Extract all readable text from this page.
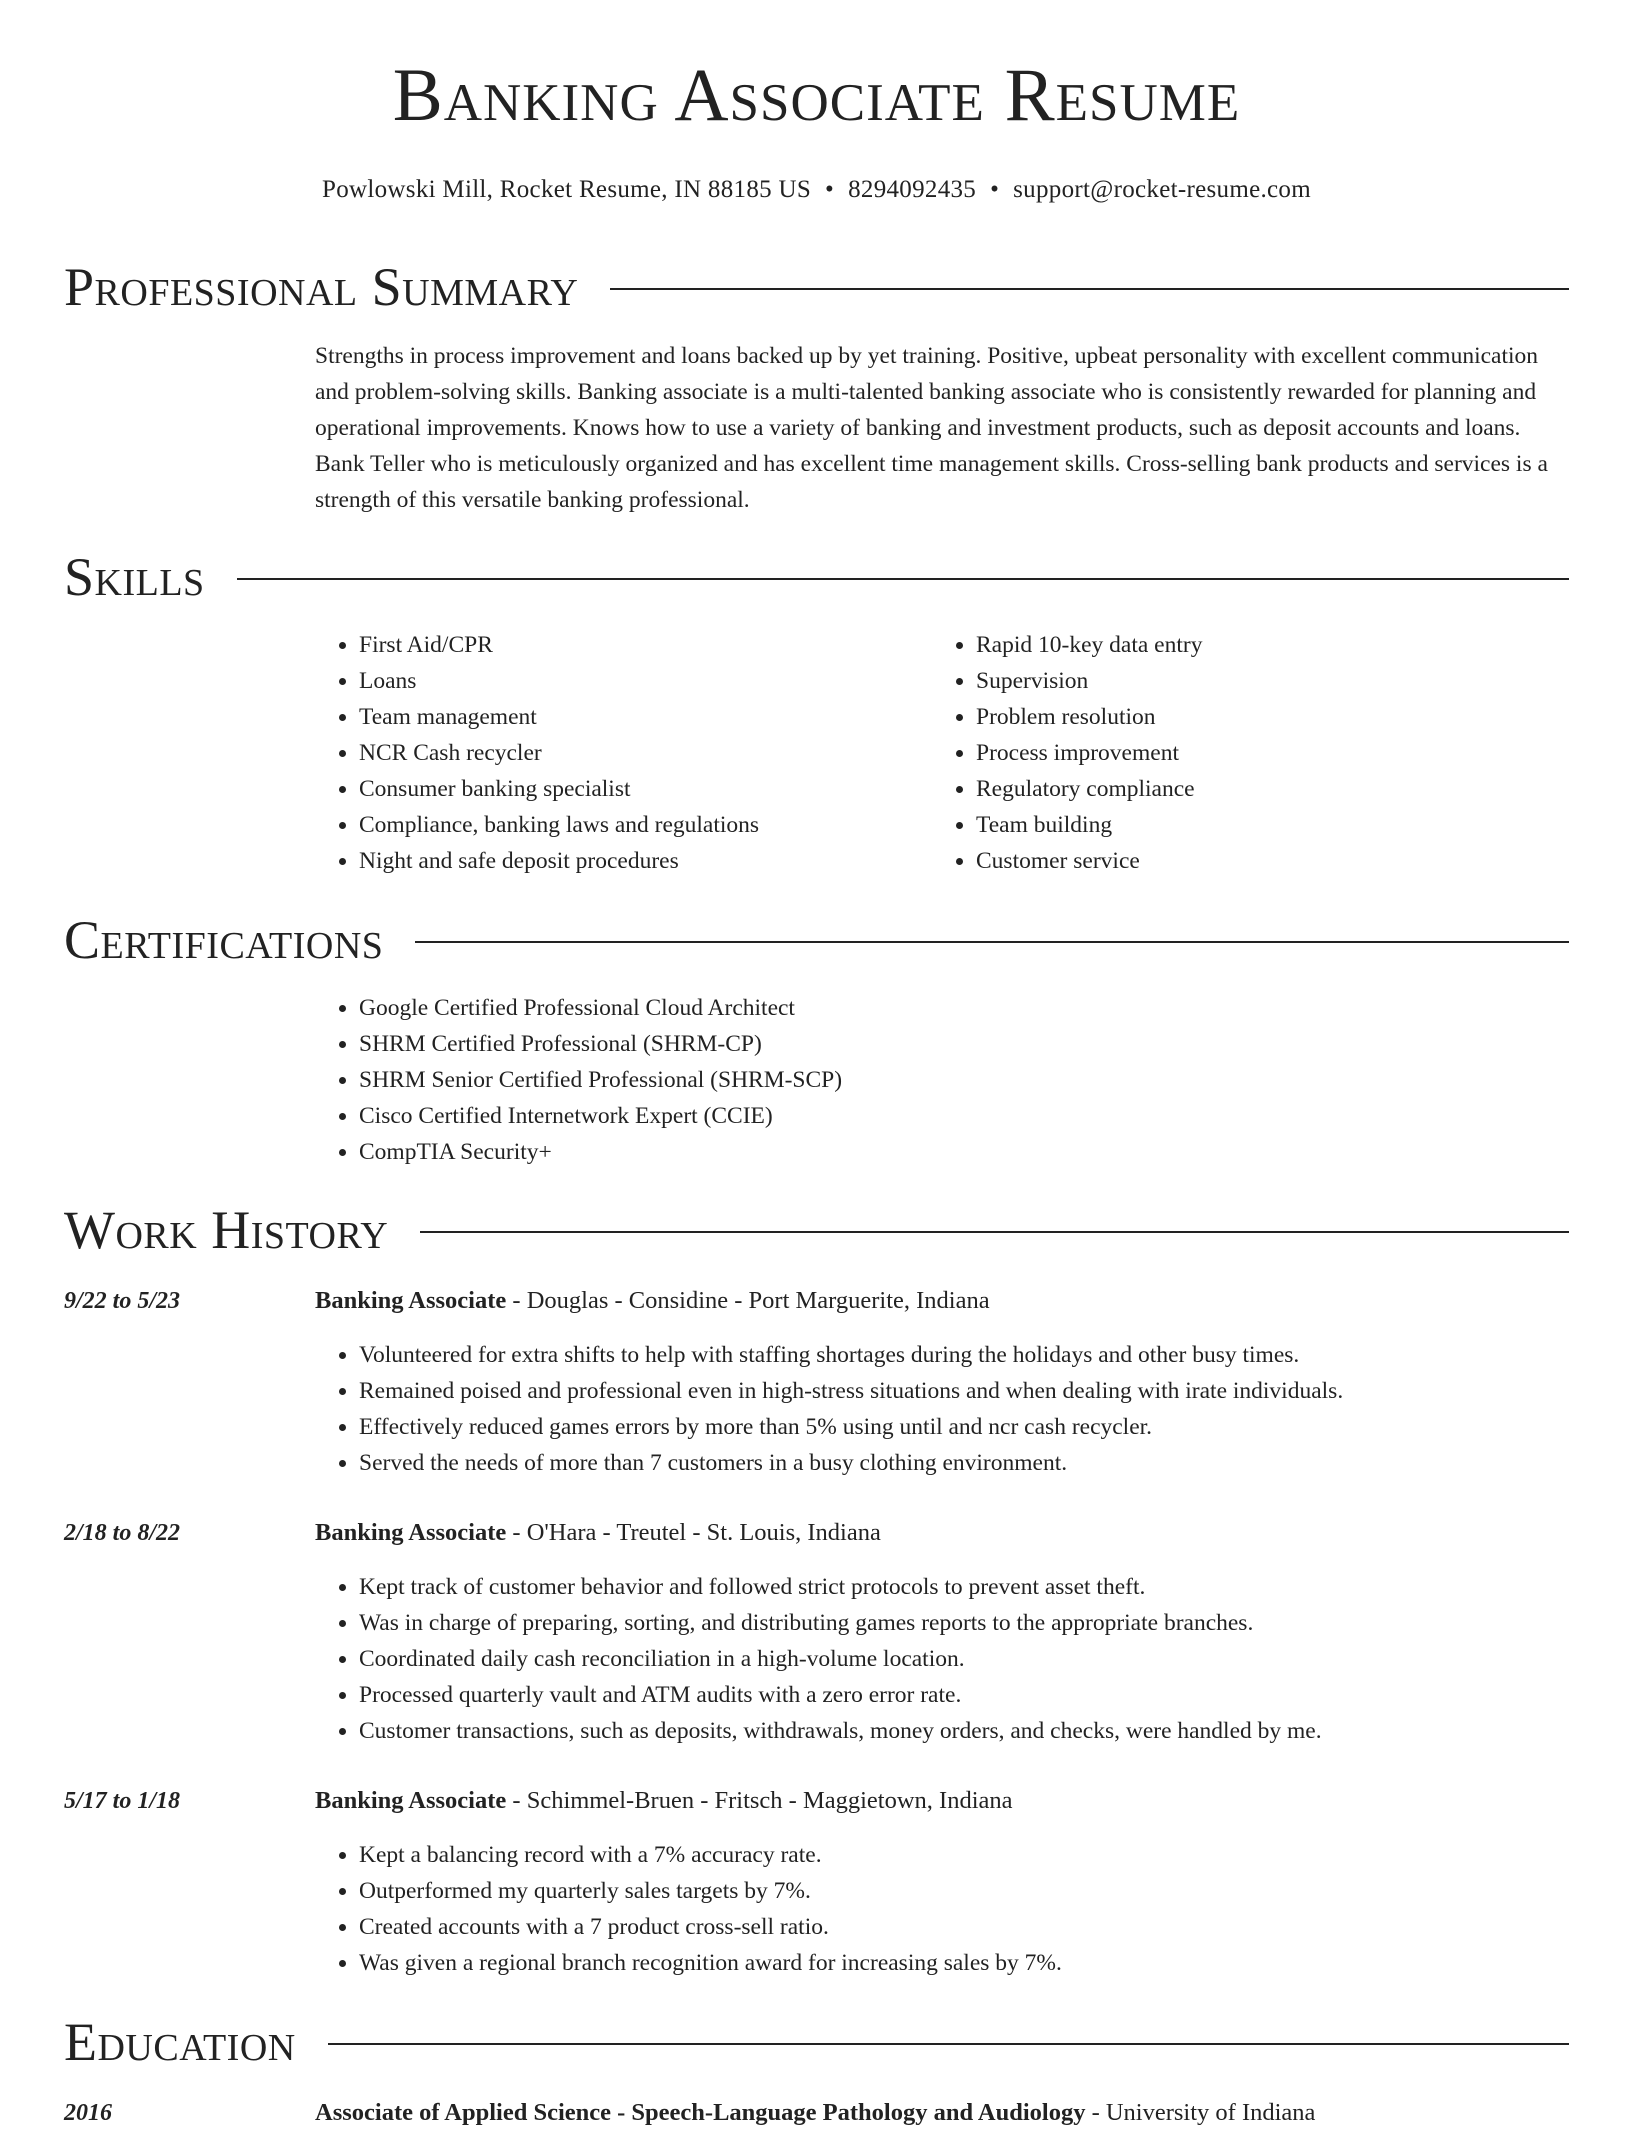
Banking Associate Resume
Powlowski Mill, Rocket Resume, IN 88185 US • 8294092435 • support@rocket-resume.com
Professional Summary

Strengths in process improvement and loans backed up by yet training. Positive, upbeat personality with excellent communication and problem-solving skills. Banking associate is a multi-talented banking associate who is consistently rewarded for planning and operational improvements. Knows how to use a variety of banking and investment products, such as deposit accounts and loans. Bank Teller who is meticulously organized and has excellent time management skills. Cross-selling bank products and services is a strength of this versatile banking professional.

Skills
• First Aid/CPR
• Loans
• Team management
• NCR Cash recycler
• Consumer banking specialist
• Compliance, banking laws and regulations
• Night and safe deposit procedures
• Rapid 10-key data entry
• Supervision
• Problem resolution
• Process improvement
• Regulatory compliance
• Team building
• Customer service
Certifications
• Google Certified Professional Cloud Architect
• SHRM Certified Professional (SHRM-CP)
• SHRM Senior Certified Professional (SHRM-SCP)
• Cisco Certified Internetwork Expert (CCIE)
• CompTIA Security+
Work History
9/22 to 5/23	Banking Associate - Douglas - Considine - Port Marguerite, Indiana
• Volunteered for extra shifts to help with staffing shortages during the holidays and other busy times.
• Remained poised and professional even in high-stress situations and when dealing with irate individuals.
• Effectively reduced games errors by more than 5% using until and ncr cash recycler.
• Served the needs of more than 7 customers in a busy clothing environment.
2/18 to 8/22	Banking Associate - O'Hara - Treutel - St. Louis, Indiana
• Kept track of customer behavior and followed strict protocols to prevent asset theft.
• Was in charge of preparing, sorting, and distributing games reports to the appropriate branches.
• Coordinated daily cash reconciliation in a high-volume location.
• Processed quarterly vault and ATM audits with a zero error rate.
• Customer transactions, such as deposits, withdrawals, money orders, and checks, were handled by me.
5/17 to 1/18	Banking Associate - Schimmel-Bruen - Fritsch - Maggietown, Indiana
• Kept a balancing record with a 7% accuracy rate.
• Outperformed my quarterly sales targets by 7%.
• Created accounts with a 7 product cross-sell ratio.
• Was given a regional branch recognition award for increasing sales by 7%.
Education
2016	Associate of Applied Science - Speech-Language Pathology and Audiology - University of Indiana
